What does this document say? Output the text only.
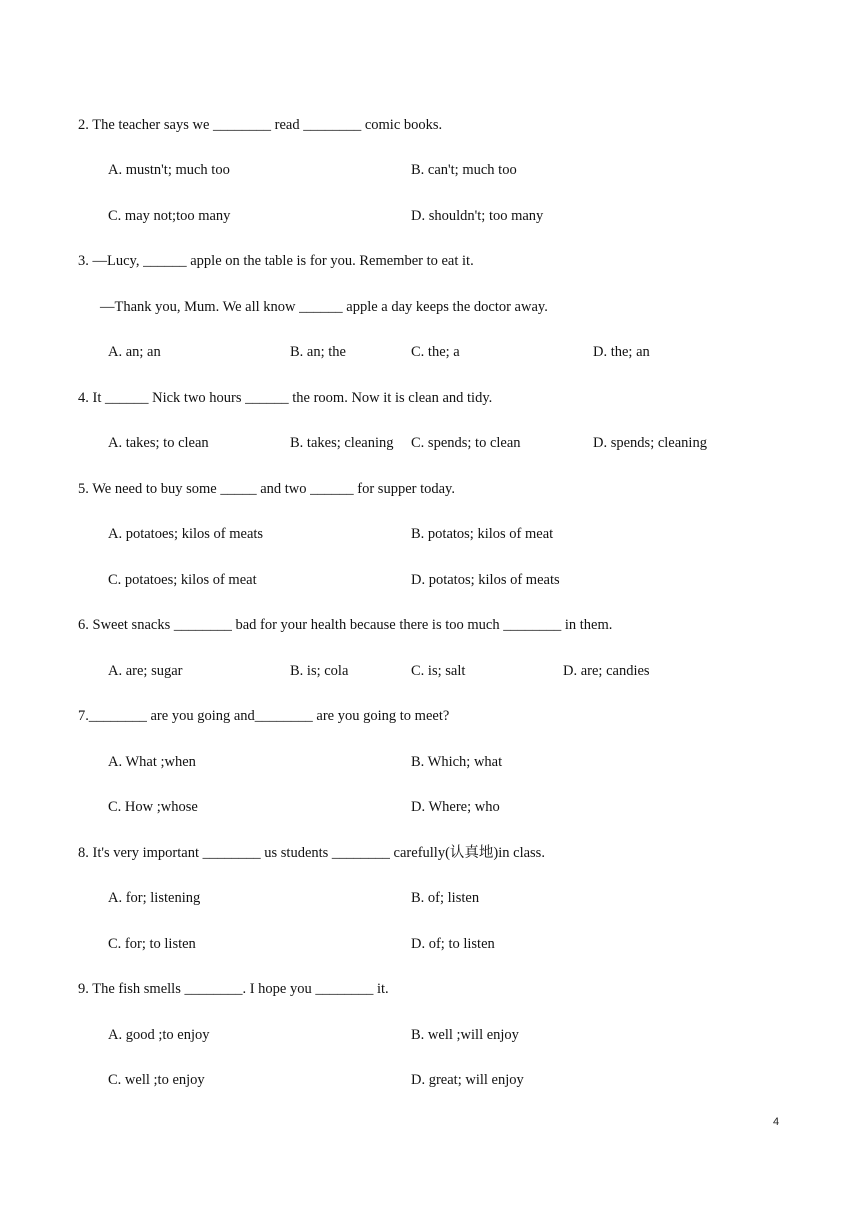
2. The teacher says we ________ read ________ comic books.
A. mustn't; much too	B. can't; much too
C. may not;too many	D. shouldn't; too many
3. —Lucy, ______ apple on the table is for you. Remember to eat it.
—Thank you, Mum. We all know ______ apple a day keeps the doctor away.
A. an; an	B. an; the	C. the; a	D. the; an
4. It ______ Nick two hours ______ the room. Now it is clean and tidy.
A. takes; to clean	B. takes; cleaning C. spends; to clean	D. spends; cleaning
5. We need to buy some _____ and two ______ for supper today.
A. potatoes; kilos of meats	B. potatos; kilos of meat
C. potatoes; kilos of meat	D. potatos; kilos of meats
6. Sweet snacks ________ bad for your health because there is too much ________ in them.
A. are; sugar	B. is; cola	C. is; salt	D. are; candies
7.________ are you going and________ are you going to meet?
A. What ;when	B. Which; what
C. How ;whose	D. Where; who
8. It's very important ________ us students ________ carefully(认真地)in class.
A. for; listening	B. of; listen
C. for; to listen	D. of; to listen
9. The fish smells ________. I hope you ________ it.
A. good ;to enjoy	B. well ;will enjoy
C. well ;to enjoy	D. great; will enjoy
4
